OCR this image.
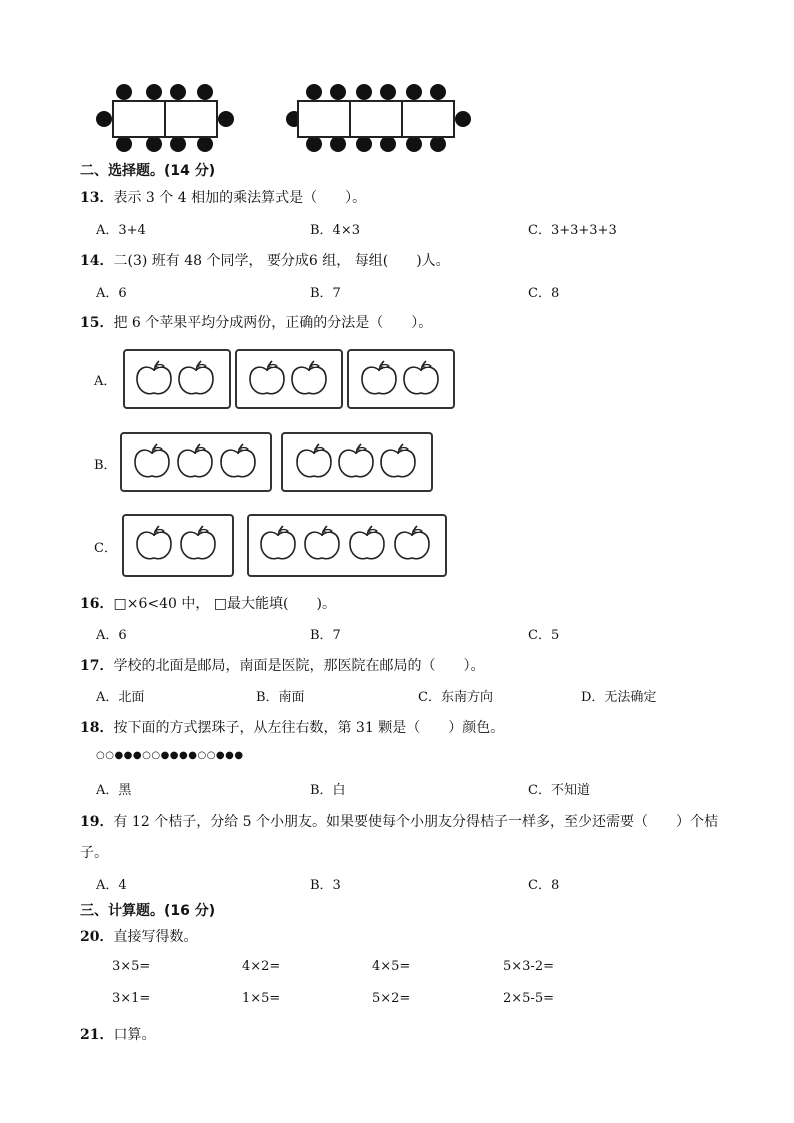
二、选择题。(14 分)
13．表示 3 个 4 相加的乘法算式是（　　）。
A．3+4	B．4×3	C．3+3+3+3
14．二(3) 班有 48 个同学， 要分成6 组， 每组(　　)人。
A．6	B．7	C．8
15．把 6 个苹果平均分成两份，正确的分法是（　　）。
A．
B．
C．
16．□×6<40 中， □最大能填(　　)。
A．6	B．7	C．5
17．学校的北面是邮局，南面是医院，那医院在邮局的（　　）。
A．北面	B．南面	C．东南方向	D．无法确定
18．按下面的方式摆珠子，从左往右数，第 31 颗是（　　）颜色。
○○●●●○○●●●●○○●●●
A．黑	B．白	C．不知道
19．有 12 个桔子，分给 5 个小朋友。如果要使每个小朋友分得桔子一样多，至少还需要（　　）个桔
子。
A．4	B．3	C．8
三、计算题。(16 分)
20．直接写得数。
3×5=	4×2=	4×5=	5×3-2=
3×1=	1×5=	5×2=	2×5-5=
21．口算。
